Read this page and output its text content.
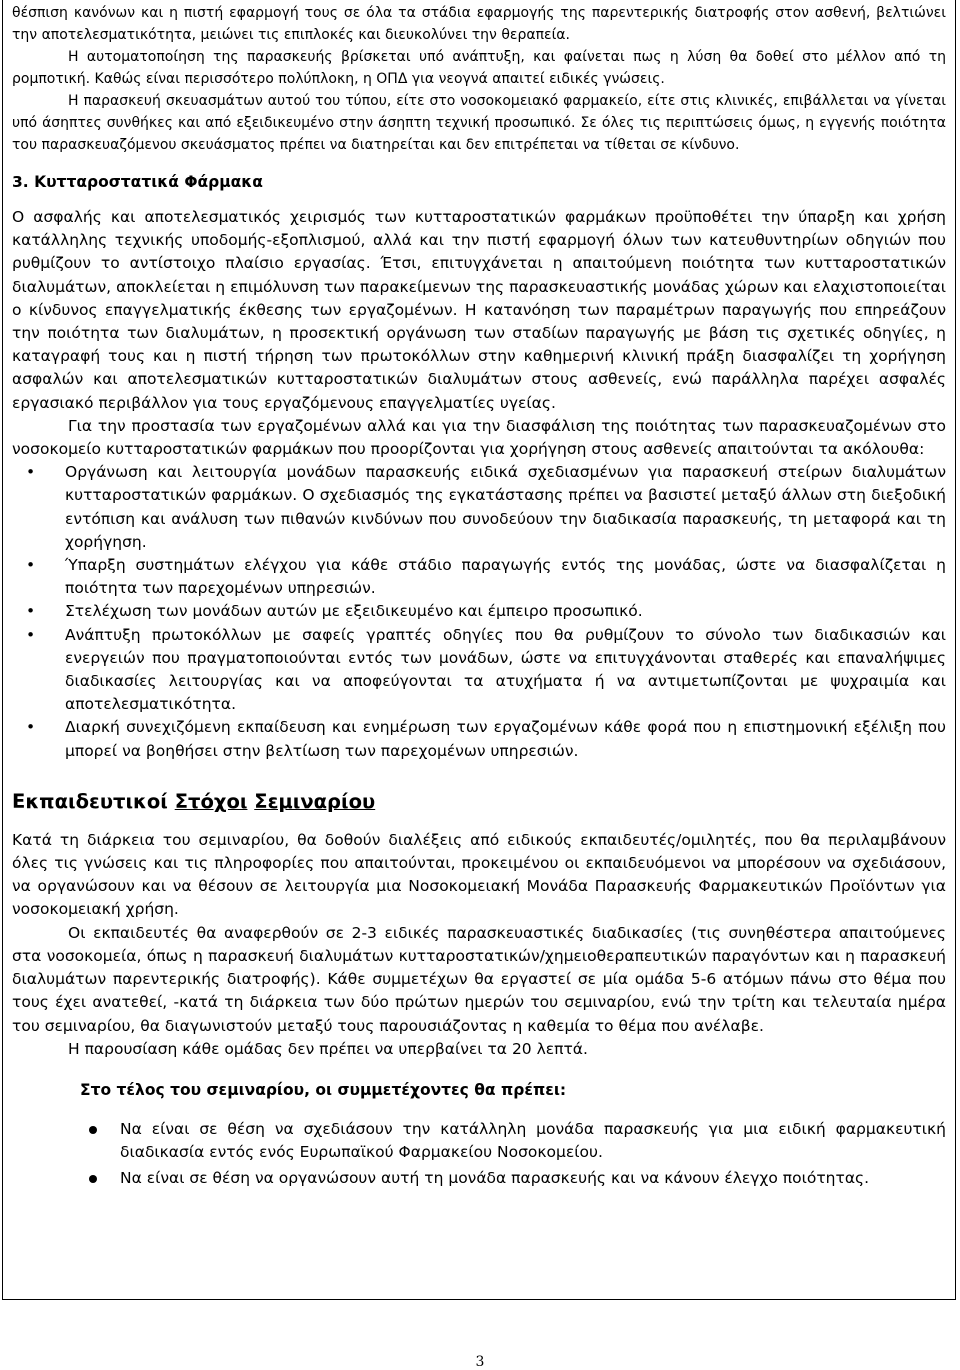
θέσπιση κανόνων και η πιστή εφαρμογή τους σε όλα τα στάδια εφαρμογής της παρεντερικής διατροφής στον ασθενή, βελτιώνει την αποτελεσματικότητα, μειώνει τις επιπλοκές και διευκολύνει την θεραπεία.

Η αυτοματοποίηση της παρασκευής βρίσκεται υπό ανάπτυξη, και φαίνεται πως η λύση θα δοθεί στο μέλλον από τη ρομποτική. Καθώς είναι περισσότερο πολύπλοκη, η ΟΠΔ για νεογνά απαιτεί ειδικές γνώσεις.

Η παρασκευή σκευασμάτων αυτού του τύπου, είτε στο νοσοκομειακό φαρμακείο, είτε στις κλινικές, επιβάλλεται να γίνεται υπό άσηπτες συνθήκες και από εξειδικευμένο στην άσηπτη τεχνική προσωπικό. Σε όλες τις περιπτώσεις όμως, η εγγενής ποιότητα του παρασκευαζόμενου σκευάσματος πρέπει να διατηρείται και δεν επιτρέπεται να τίθεται σε κίνδυνο.

3. Κυτταροστατικά Φάρμακα

Ο ασφαλής και αποτελεσματικός χειρισμός των κυτταροστατικών φαρμάκων προϋποθέτει την ύπαρξη και χρήση κατάλληλης τεχνικής υποδομής-εξοπλισμού, αλλά και την πιστή εφαρμογή όλων των κατευθυντηρίων οδηγιών που ρυθμίζουν το αντίστοιχο πλαίσιο εργασίας. Έτσι, επιτυγχάνεται η απαιτούμενη ποιότητα των κυτταροστατικών διαλυμάτων, αποκλείεται η επιμόλυνση των παρακείμενων της παρασκευαστικής μονάδας χώρων και ελαχιστοποιείται ο κίνδυνος επαγγελματικής έκθεσης των εργαζομένων. Η κατανόηση των παραμέτρων παραγωγής που επηρεάζουν την ποιότητα των διαλυμάτων, η προσεκτική οργάνωση των σταδίων παραγωγής με βάση τις σχετικές οδηγίες, η καταγραφή τους και η πιστή τήρηση των πρωτοκόλλων στην καθημερινή κλινική πράξη διασφαλίζει τη χορήγηση ασφαλών και αποτελεσματικών κυτταροστατικών διαλυμάτων στους ασθενείς, ενώ παράλληλα παρέχει ασφαλές εργασιακό περιβάλλον για τους εργαζόμενους επαγγελματίες υγείας.

Για την προστασία των εργαζομένων αλλά και για την διασφάλιση της ποιότητας των παρασκευαζομένων στο νοσοκομείο κυτταροστατικών φαρμάκων που προορίζονται για χορήγηση στους ασθενείς απαιτούνται τα ακόλουθα:

• Οργάνωση και λειτουργία μονάδων παρασκευής ειδικά σχεδιασμένων για παρασκευή στείρων διαλυμάτων κυτταροστατικών φαρμάκων. Ο σχεδιασμός της εγκατάστασης πρέπει να βασιστεί μεταξύ άλλων στη διεξοδική εντόπιση και ανάλυση των πιθανών κινδύνων που συνοδεύουν την διαδικασία παρασκευής, τη μεταφορά και τη χορήγηση.
• Ύπαρξη συστημάτων ελέγχου για κάθε στάδιο παραγωγής εντός της μονάδας, ώστε να διασφαλίζεται η ποιότητα των παρεχομένων υπηρεσιών.
• Στελέχωση των μονάδων αυτών με εξειδικευμένο και έμπειρο προσωπικό.
• Ανάπτυξη πρωτοκόλλων με σαφείς γραπτές οδηγίες που θα ρυθμίζουν το σύνολο των διαδικασιών και ενεργειών που πραγματοποιούνται εντός των μονάδων, ώστε να επιτυγχάνονται σταθερές και επαναλήψιμες διαδικασίες λειτουργίας και να αποφεύγονται τα ατυχήματα ή να αντιμετωπίζονται με ψυχραιμία και αποτελεσματικότητα.
• Διαρκή συνεχιζόμενη εκπαίδευση και ενημέρωση των εργαζομένων κάθε φορά που η επιστημονική εξέλιξη που μπορεί να βοηθήσει στην βελτίωση των παρεχομένων υπηρεσιών.
Εκπαιδευτικοί Στόχοι Σεμιναρίου

Κατά τη διάρκεια του σεμιναρίου, θα δοθούν διαλέξεις από ειδικούς εκπαιδευτές/ομιλητές, που θα περιλαμβάνουν όλες τις γνώσεις και τις πληροφορίες που απαιτούνται, προκειμένου οι εκπαιδευόμενοι να μπορέσουν να σχεδιάσουν, να οργανώσουν και να θέσουν σε λειτουργία μια Νοσοκομειακή Μονάδα Παρασκευής Φαρμακευτικών Προϊόντων για νοσοκομειακή χρήση.

Οι εκπαιδευτές θα αναφερθούν σε 2-3 ειδικές παρασκευαστικές διαδικασίες (τις συνηθέστερα απαιτούμενες στα νοσοκομεία, όπως η παρασκευή διαλυμάτων κυτταροστατικών/χημειοθεραπευτικών παραγόντων και η παρασκευή διαλυμάτων παρεντερικής διατροφής). Κάθε συμμετέχων θα εργαστεί σε μία ομάδα 5-6 ατόμων πάνω στο θέμα που τους έχει ανατεθεί, -κατά τη διάρκεια των δύο πρώτων ημερών του σεμιναρίου, ενώ την τρίτη και τελευταία ημέρα του σεμιναρίου, θα διαγωνιστούν μεταξύ τους παρουσιάζοντας η καθεμία το θέμα που ανέλαβε.

Η παρουσίαση κάθε ομάδας δεν πρέπει να υπερβαίνει τα 20 λεπτά.

Στο τέλος του σεμιναρίου, οι συμμετέχοντες θα πρέπει:
Να είναι σε θέση να σχεδιάσουν την κατάλληλη μονάδα παρασκευής για μια ειδική φαρμακευτική διαδικασία εντός ενός Ευρωπαϊκού Φαρμακείου Νοσοκομείου.
Να είναι σε θέση να οργανώσουν αυτή τη μονάδα παρασκευής και να κάνουν έλεγχο ποιότητας.
3
